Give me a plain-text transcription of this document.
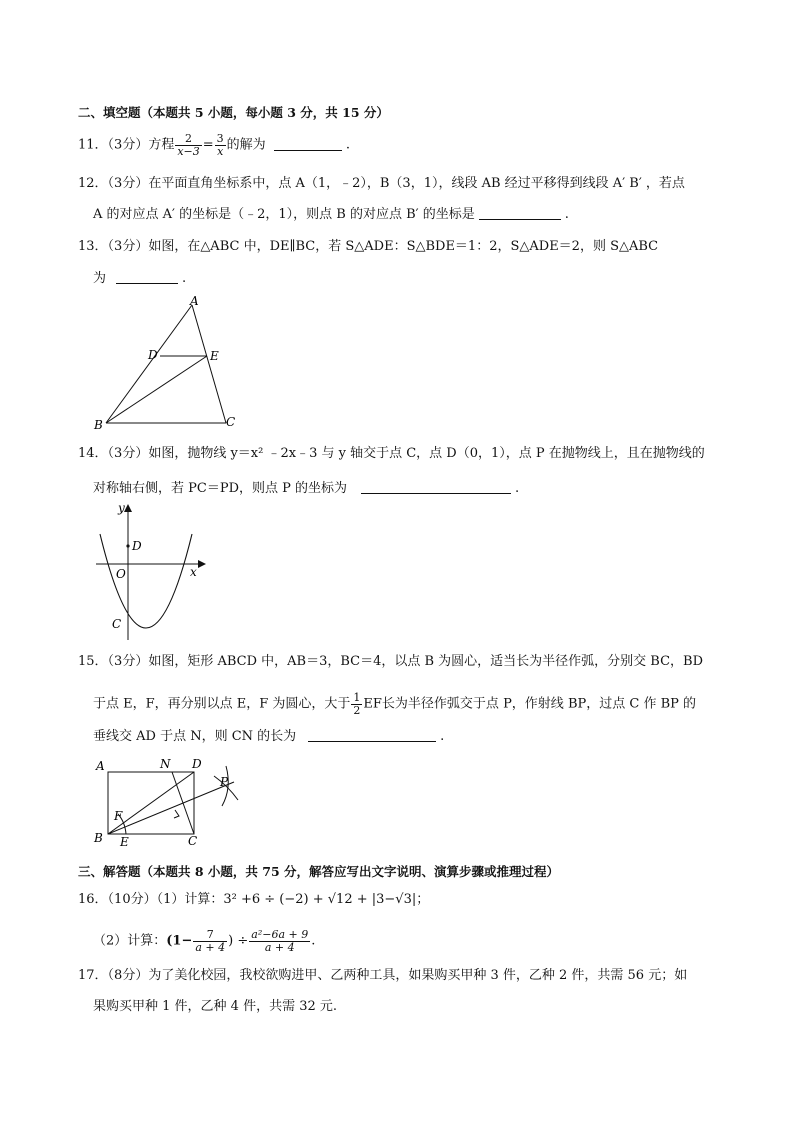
二、填空题（本题共 5 小题，每小题 3 分，共 15 分）
11．（3分）方程 $\frac{2}{x-3} = \frac{3}{x}$ 的解为	.
12．（3分）在平面直角坐标系中，点 A（1，﹣2），B（3，1），线段 AB 经过平移得到线段 A′ B′ ，若点
A 的对应点 A′ 的坐标是（﹣2，1），则点 B 的对应点 B′ 的坐标是	.
13．（3分）如图，在△ABC 中，DE∥BC，若 S△ADE：S△BDE＝1：2，S△ADE＝2，则 S△ABC
为	.
A
D	E
B	C
14．（3分）如图，抛物线 y＝x² ﹣2x﹣3 与 y 轴交于点 C，点 D（0，1），点 P 在抛物线上，且在抛物线的
对称轴右侧，若 PC＝PD，则点 P 的坐标为	.
y
x
O
D
C
15．（3分）如图，矩形 ABCD 中，AB＝3，BC＝4，以点 B 为圆心，适当长为半径作弧，分别交 BC，BD
于点 E，F，再分别以点 E，F 为圆心，大于 $\frac{1}{2}$ EF长为半径作弧交于点 P，作射线 BP，过点 C 作 BP 的
垂线交 AD 于点 N，则 CN 的长为	.
A	N D
P
F
B E	C
三、解答题（本题共 8 小题，共 75 分，解答应写出文字说明、演算步骤或推理过程）
16．（10分）（1）计算：3² +6 ÷ (−2) + √12 + |3−√3|；
（2）计算：($1- \frac{7}{a + 4}$ ) ÷ $\frac{\text{a²−6a + 9}}{a + 4}$ .
17．（8分）为了美化校园，我校欲购进甲、乙两种工具，如果购买甲种 3 件，乙种 2 件，共需 56 元；如
果购买甲种 1 件，乙种 4 件，共需 32 元.
